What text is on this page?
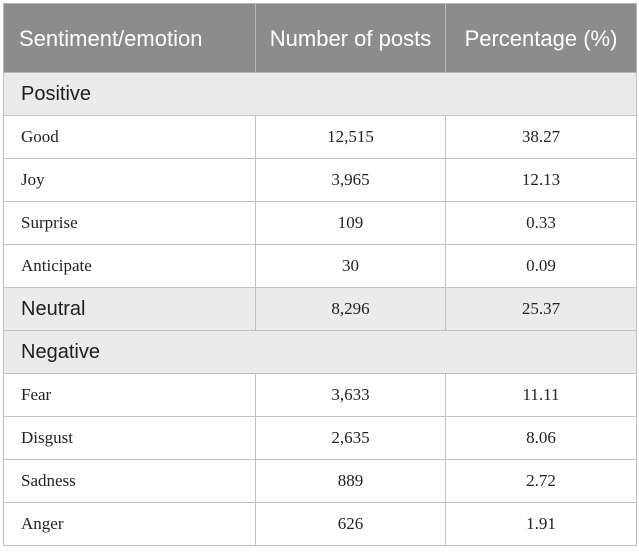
Sentiment/emotion	Number of posts	Percentage (%)
Positive		
Good	12,515	38.27
Joy	3,965	12.13
Surprise	109	0.33
Anticipate	30	0.09
Neutral	8,296	25.37
Negative		
Fear	3,633	11.11
Disgust	2,635	8.06
Sadness	889	2.72
Anger	626	1.91
